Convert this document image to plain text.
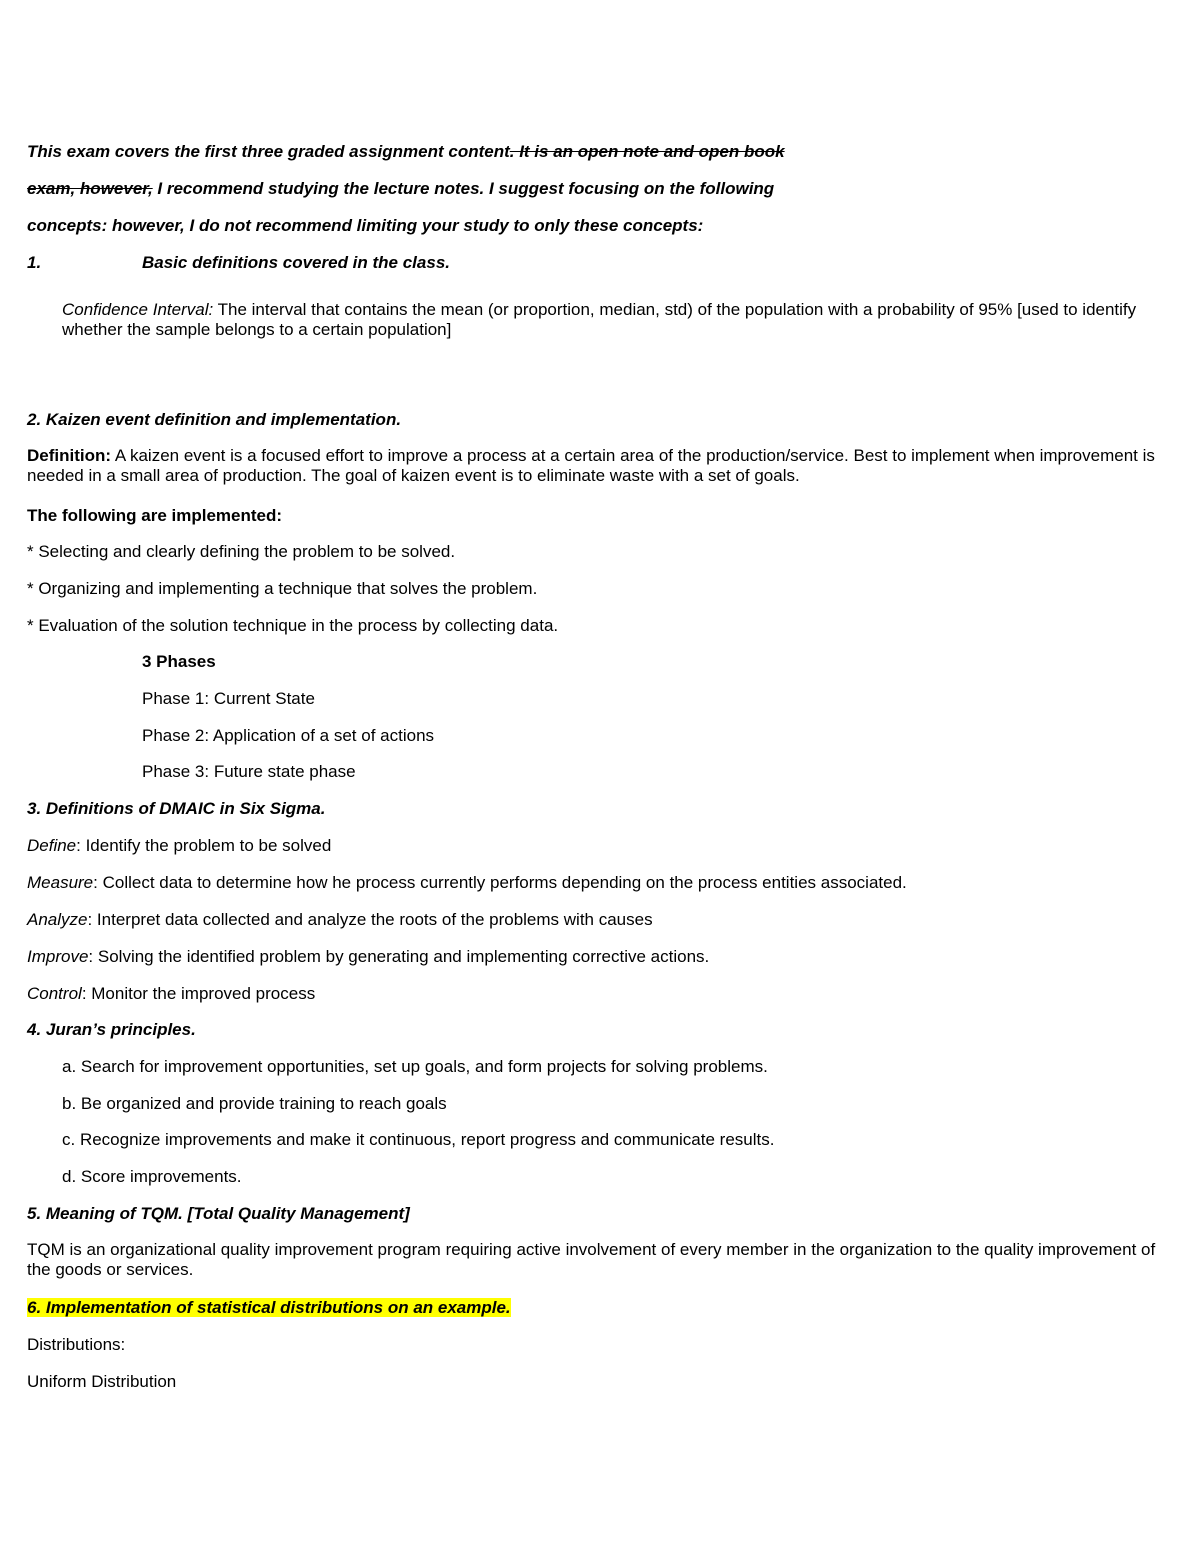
This exam covers the first three graded assignment content. It is an open note and open book
exam, however, I recommend studying the lecture notes. I suggest focusing on the following
concepts: however, I do not recommend limiting your study to only these concepts:
1.	Basic definitions covered in the class.
Confidence Interval: The interval that contains the mean (or proportion, median, std) of the population with a probability of 95% [used to identify whether the sample belongs to a certain population]
2. Kaizen event definition and implementation.
Definition: A kaizen event is a focused effort to improve a process at a certain area of the production/service. Best to implement when improvement is needed in a small area of production. The goal of kaizen event is to eliminate waste with a set of goals.
The following are implemented:
* Selecting and clearly defining the problem to be solved.
* Organizing and implementing a technique that solves the problem.
* Evaluation of the solution technique in the process by collecting data.
3 Phases
Phase 1: Current State
Phase 2: Application of a set of actions
Phase 3: Future state phase
3. Definitions of DMAIC in Six Sigma.
Define: Identify the problem to be solved
Measure: Collect data to determine how he process currently performs depending on the process entities associated.
Analyze: Interpret data collected and analyze the roots of the problems with causes
Improve: Solving the identified problem by generating and implementing corrective actions.
Control: Monitor the improved process
4. Juran’s principles.
a. Search for improvement opportunities, set up goals, and form projects for solving problems.
b. Be organized and provide training to reach goals
c. Recognize improvements and make it continuous, report progress and communicate results.
d. Score improvements.
5. Meaning of TQM. [Total Quality Management]
TQM is an organizational quality improvement program requiring active involvement of every member in the organization to the quality improvement of the goods or services.
6. Implementation of statistical distributions on an example.
Distributions:
Uniform Distribution
